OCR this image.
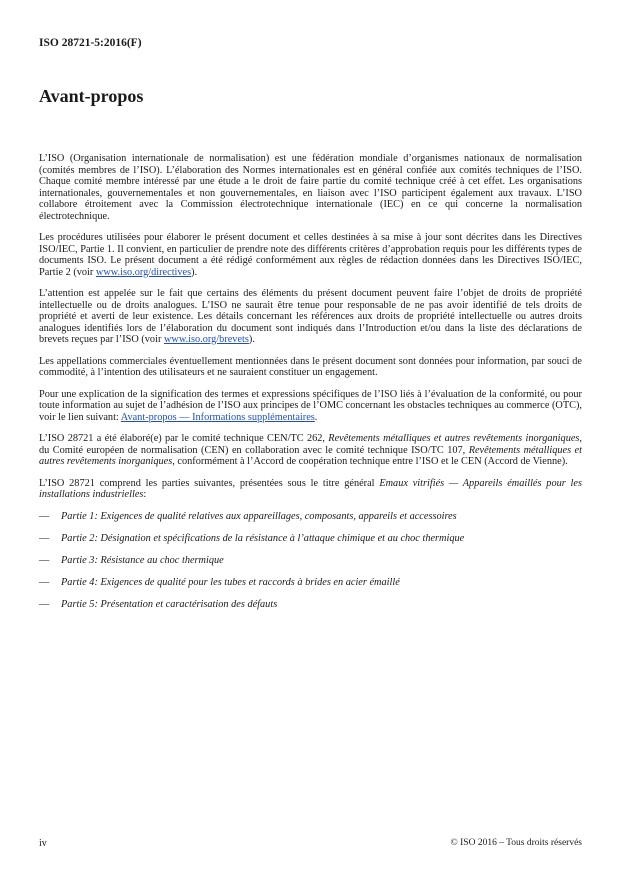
ISO 28721-5:2016(F)
Avant-propos

L’ISO (Organisation internationale de normalisation) est une fédération mondiale d’organismes nationaux de normalisation (comités membres de l’ISO). L’élaboration des Normes internationales est en général confiée aux comités techniques de l’ISO. Chaque comité membre intéressé par une étude a le droit de faire partie du comité technique créé à cet effet. Les organisations internationales, gouvernementales et non gouvernementales, en liaison avec l’ISO participent également aux travaux. L’ISO collabore étroitement avec la Commission électrotechnique internationale (IEC) en ce qui concerne la normalisation électrotechnique.

Les procédures utilisées pour élaborer le présent document et celles destinées à sa mise à jour sont décrites dans les Directives ISO/IEC, Partie 1. Il convient, en particulier de prendre note des différents critères d’approbation requis pour les différents types de documents ISO. Le présent document a été rédigé conformément aux règles de rédaction données dans les Directives ISO/IEC, Partie 2 (voir www.iso.org/directives).

L’attention est appelée sur le fait que certains des éléments du présent document peuvent faire l’objet de droits de propriété intellectuelle ou de droits analogues. L’ISO ne saurait être tenue pour responsable de ne pas avoir identifié de tels droits de propriété et averti de leur existence. Les détails concernant les références aux droits de propriété intellectuelle ou autres droits analogues identifiés lors de l’élaboration du document sont indiqués dans l’Introduction et/ou dans la liste des déclarations de brevets reçues par l’ISO (voir www.iso.org/brevets).

Les appellations commerciales éventuellement mentionnées dans le présent document sont données pour information, par souci de commodité, à l’intention des utilisateurs et ne sauraient constituer un engagement.

Pour une explication de la signification des termes et expressions spécifiques de l’ISO liés à l’évaluation de la conformité, ou pour toute information au sujet de l’adhésion de l’ISO aux principes de l’OMC concernant les obstacles techniques au commerce (OTC), voir le lien suivant: Avant-propos — Informations supplémentaires.

L’ISO 28721 a été élaboré(e) par le comité technique CEN/TC 262, Revêtements métalliques et autres revêtements inorganiques, du Comité européen de normalisation (CEN) en collaboration avec le comité technique ISO/TC 107, Revêtements métalliques et autres revêtements inorganiques, conformément à l’Accord de coopération technique entre l’ISO et le CEN (Accord de Vienne).

L’ISO 28721 comprend les parties suivantes, présentées sous le titre général Emaux vitrifiés — Appareils émaillés pour les installations industrielles:

—	Partie 1: Exigences de qualité relatives aux appareillages, composants, appareils et accessoires
—	Partie 2: Désignation et spécifications de la résistance à l’attaque chimique et au choc thermique
—	Partie 3: Résistance au choc thermique
—	Partie 4: Exigences de qualité pour les tubes et raccords à brides en acier émaillé
—	Partie 5: Présentation et caractérisation des défauts
iv	© ISO 2016 – Tous droits réservés
